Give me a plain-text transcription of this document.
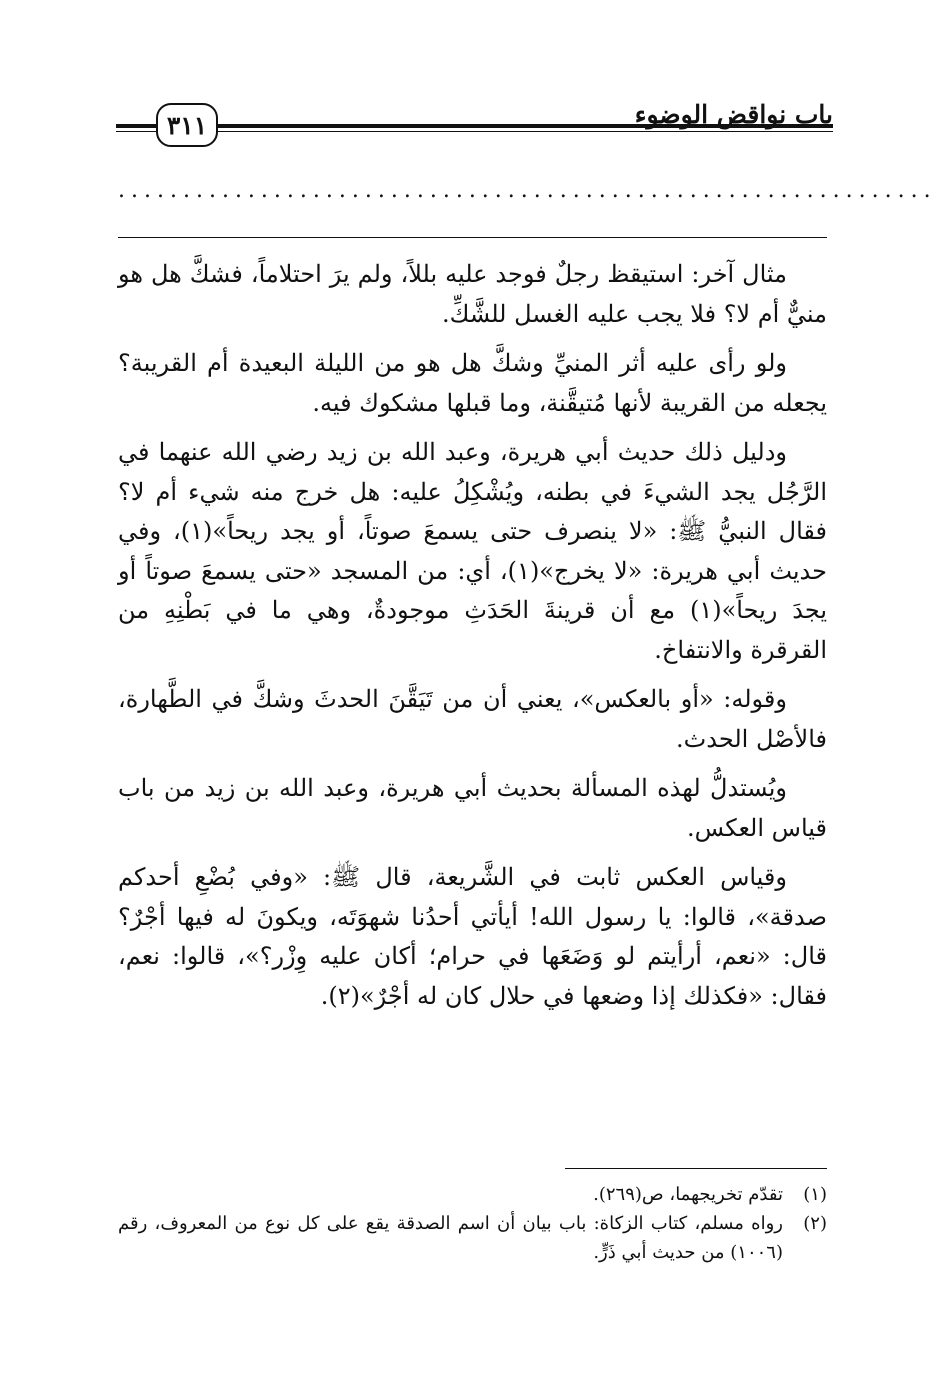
باب نواقض الوضوء
٣١١
...............................................................

مثال آخر: استيقظ رجلٌ فوجد عليه بللاً، ولم يرَ احتلاماً، فشكَّ هل هو منيٌّ أم لا؟ فلا يجب عليه الغسل للشَّكِّ.

ولو رأى عليه أثر المنيِّ وشكَّ هل هو من الليلة البعيدة أم القريبة؟ يجعله من القريبة لأنها مُتيقَّنة، وما قبلها مشكوك فيه.

ودليل ذلك حديث أبي هريرة، وعبد الله بن زيد رضي الله عنهما في الرَّجُل يجد الشيءَ في بطنه، ويُشْكِلُ عليه: هل خرج منه شيء أم لا؟ فقال النبيُّ ﷺ: «لا ينصرف حتى يسمعَ صوتاً، أو يجد ريحاً»(١)، وفي حديث أبي هريرة: «لا يخرج»(١)، أي: من المسجد «حتى يسمعَ صوتاً أو يجدَ ريحاً»(١) مع أن قرينةَ الحَدَثِ موجودةٌ، وهي ما في بَطْنِهِ من القرقرة والانتفاخ.

وقوله: «أو بالعكس»، يعني أن من تَيَقَّنَ الحدثَ وشكَّ في الطَّهارة، فالأصْل الحدث.

ويُستدلُّ لهذه المسألة بحديث أبي هريرة، وعبد الله بن زيد من باب قياس العكس.

وقياس العكس ثابت في الشَّريعة، قال ﷺ: «وفي بُضْعِ أحدكم صدقة»، قالوا: يا رسول الله! أيأتي أحدُنا شهوَتَه، ويكونَ له فيها أجْرٌ؟ قال: «نعم، أرأيتم لو وَضَعَها في حرام؛ أكان عليه وِزْر؟»، قالوا: نعم، فقال: «فكذلك إذا وضعها في حلال كان له أجْرٌ»(٢).

(١)
تقدّم تخريجهما، ص(٢٦٩).
(٢)
رواه مسلم، كتاب الزكاة: باب بيان أن اسم الصدقة يقع على كل نوع من المعروف، رقم (١٠٠٦) من حديث أبي ذَرٍّ.
